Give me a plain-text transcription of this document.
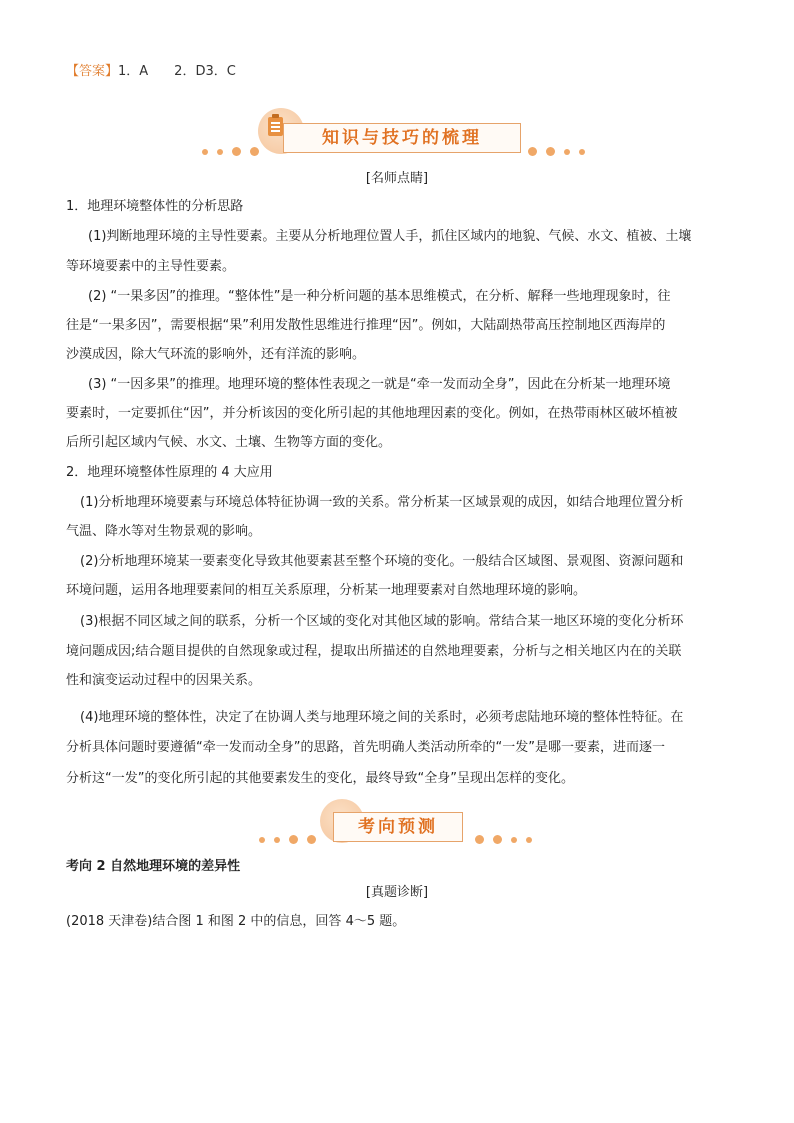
【答案】1．A　　2．D3．C
知识与技巧的梳理
[名师点睛]
1．地理环境整体性的分析思路
(1)判断地理环境的主导性要素。主要从分析地理位置人手，抓住区域内的地貌、气候、水文、植被、土壤
等环境要素中的主导性要素。
(2) “一果多因”的推理。“整体性”是一种分析问题的基本思维模式，在分析、解释一些地理现象时，往
往是“一果多因”，需要根据“果”利用发散性思维进行推理“因”。例如，大陆副热带高压控制地区西海岸的
沙漠成因，除大气环流的影响外，还有洋流的影响。
(3) “一因多果”的推理。地理环境的整体性表现之一就是“牵一发而动全身”，因此在分析某一地理环境
要素时，一定要抓住“因”，并分析该因的变化所引起的其他地理因素的变化。例如，在热带雨林区破坏植被
后所引起区域内气候、水文、土壤、生物等方面的变化。
2．地理环境整体性原理的 4 大应用
(1)分析地理环境要素与环境总体特征协调一致的关系。常分析某一区域景观的成因，如结合地理位置分析
气温、降水等对生物景观的影响。
(2)分析地理环境某一要素变化导致其他要素甚至整个环境的变化。一般结合区域图、景观图、资源问题和
环境问题，运用各地理要素间的相互关系原理，分析某一地理要素对自然地理环境的影响。
(3)根据不同区域之间的联系，分析一个区域的变化对其他区域的影响。常结合某一地区环境的变化分析环
境问题成因;结合题目提供的自然现象或过程，提取出所描述的自然地理要素，分析与之相关地区内在的关联
性和演变运动过程中的因果关系。
(4)地理环境的整体性，决定了在协调人类与地理环境之间的关系时，必须考虑陆地环境的整体性特征。在
分析具体问题时要遵循“牵一发而动全身”的思路，首先明确人类活动所牵的“一发”是哪一要素，进而逐一
分析这“一发”的变化所引起的其他要素发生的变化，最终导致“全身”呈现出怎样的变化。
考向预测
考向 2 自然地理环境的差异性
[真题诊断]
(2018 天津卷)结合图 1 和图 2 中的信息，回答 4～5 题。
